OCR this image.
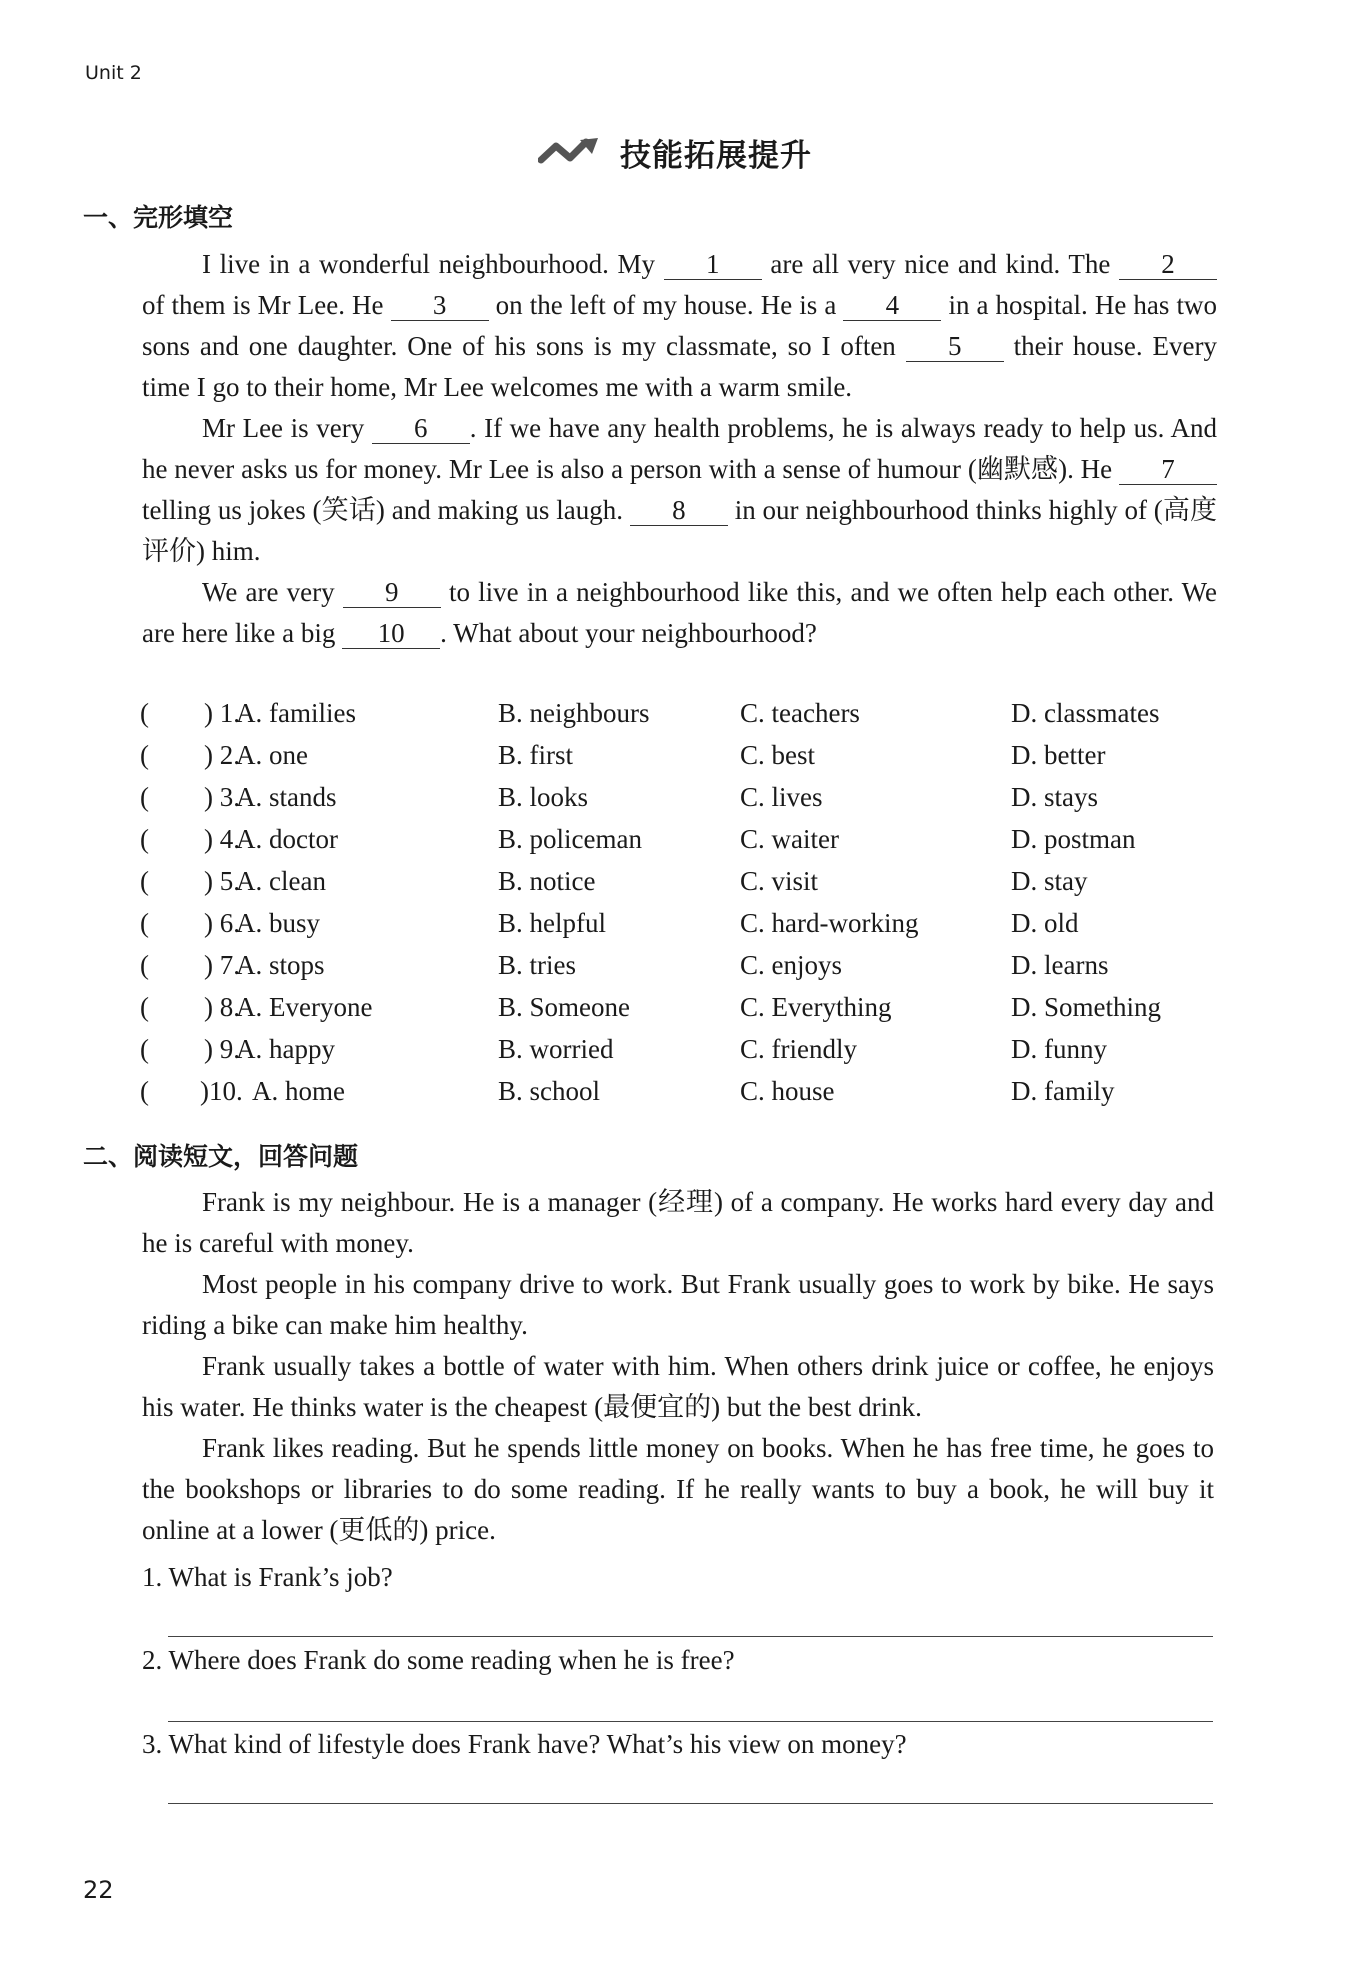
Unit 2
技能拓展提升
一、完形填空

I live in a wonderful neighbourhood. My 1 are all very nice and kind. The 2 of them is Mr Lee. He 3 on the left of my house. He is a 4 in a hospital. He has two sons and one daughter. One of his sons is my classmate, so I often 5 their house. Every time I go to their home, Mr Lee welcomes me with a warm smile.

Mr Lee is very 6 . If we have any health problems, he is always ready to help us. And he never asks us for money. Mr Lee is also a person with a sense of humour (幽默感). He 7 telling us jokes (笑话) and making us laugh. 8 in our neighbourhood thinks highly of (高度评价) him.

We are very 9 to live in a neighbourhood like this, and we often help each other. We are here like a big 10 . What about your neighbourhood?

( ) 1.
A. families	B. neighbours	C. teachers	D. classmates
( ) 2.
A. one	B. first	C. best	D. better
( ) 3.
A. stands	B. looks	C. lives	D. stays
( ) 4.
A. doctor	B. policeman	C. waiter	D. postman
( ) 5.
A. clean	B. notice	C. visit	D. stay
( ) 6.
A. busy	B. helpful	C. hard-working	D. old
( ) 7.
A. stops	B. tries	C. enjoys	D. learns
( ) 8.
A. Everyone	B. Someone	C. Everything	D. Something
( ) 9.
A. happy	B. worried	C. friendly	D. funny
( )10. A. home	B. school	C. house	D. family
二、阅读短文，回答问题

Frank is my neighbour. He is a manager (经理) of a company. He works hard every day and he is careful with money.

Most people in his company drive to work. But Frank usually goes to work by bike. He says riding a bike can make him healthy.

Frank usually takes a bottle of water with him. When others drink juice or coffee, he enjoys his water. He thinks water is the cheapest (最便宜的) but the best drink.

Frank likes reading. But he spends little money on books. When he has free time, he goes to the bookshops or libraries to do some reading. If he really wants to buy a book, he will buy it online at a lower (更低的) price.

1. What is Frank’s job?
2. Where does Frank do some reading when he is free?
3. What kind of lifestyle does Frank have? What’s his view on money?
22
